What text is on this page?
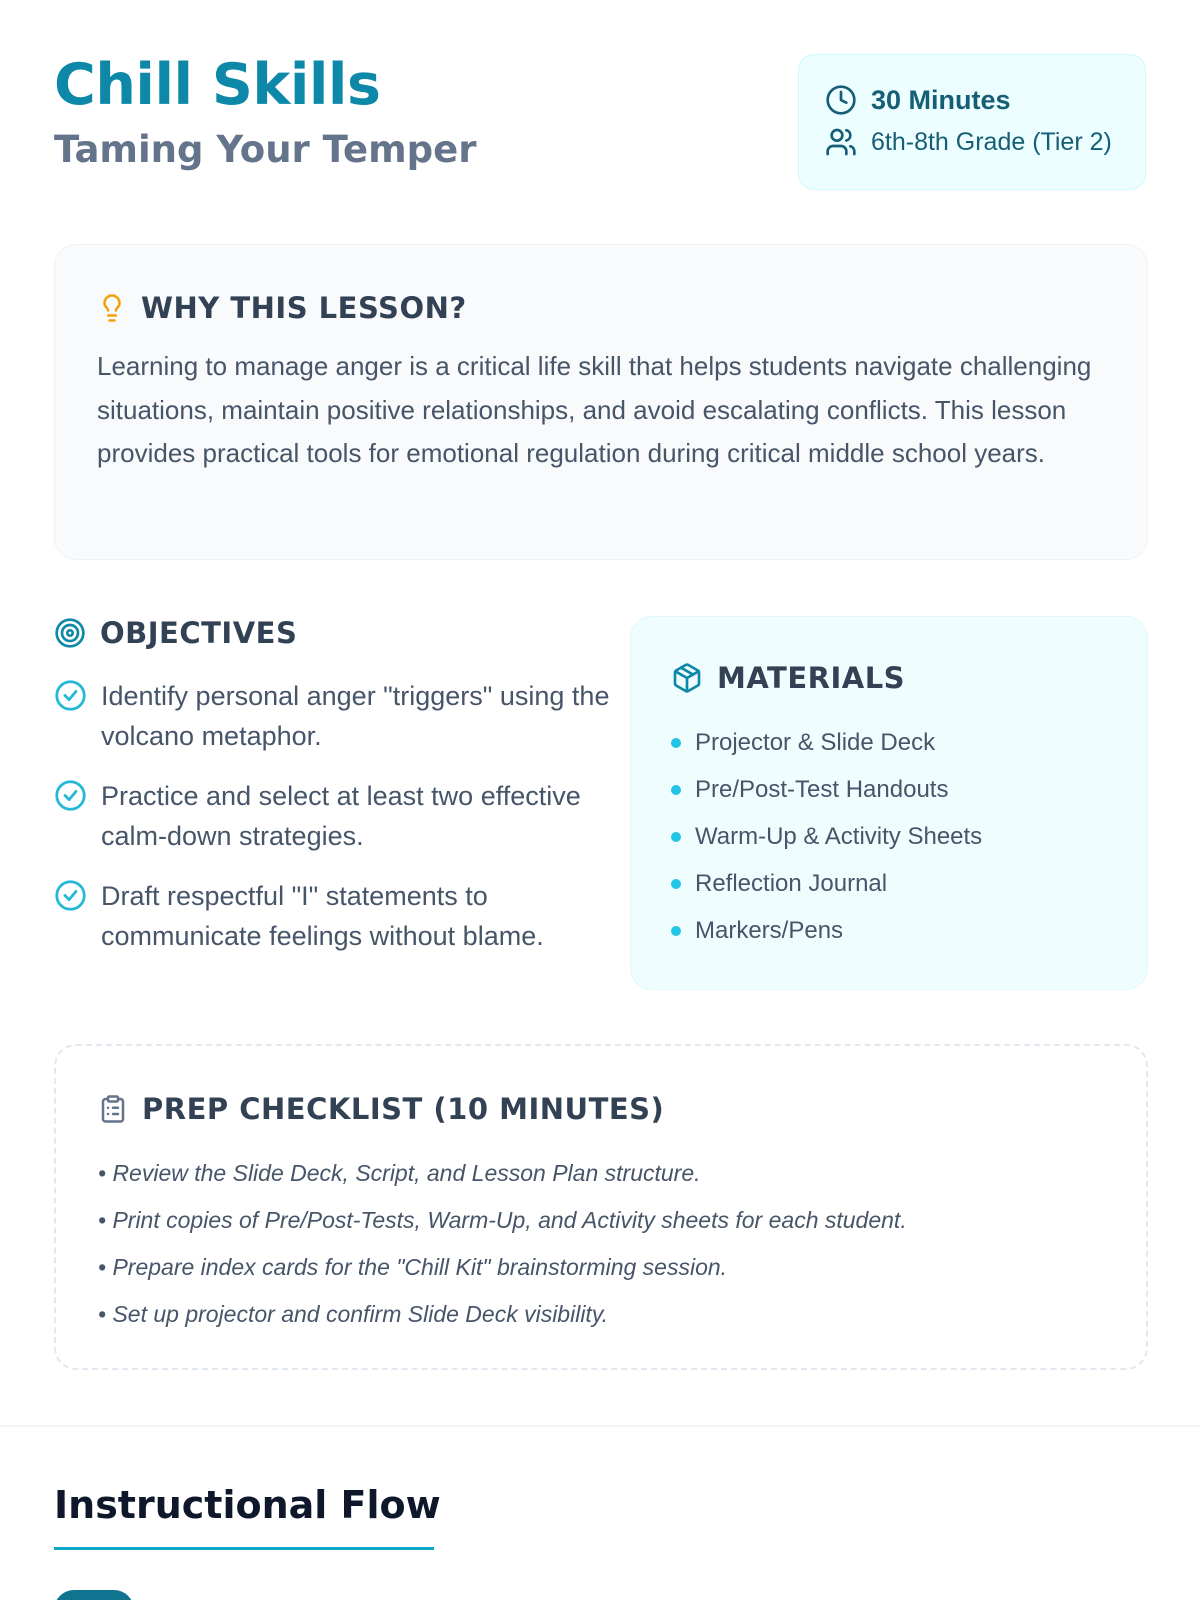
Chill Skills
Taming Your Temper
30 Minutes
6th-8th Grade (Tier 2)
WHY THIS LESSON?

Learning to manage anger is a critical life skill that helps students navigate challenging situations, maintain positive relationships, and avoid escalating conflicts. This lesson provides practical tools for emotional regulation during critical middle school years.

OBJECTIVES
Identify personal anger "triggers" using the volcano metaphor.
Practice and select at least two effective calm-down strategies.
Draft respectful "I" statements to communicate feelings without blame.
MATERIALS
Projector & Slide Deck
Pre/Post-Test Handouts
Warm-Up & Activity Sheets
Reflection Journal
Markers/Pens
PREP CHECKLIST (10 MINUTES)
• Review the Slide Deck, Script, and Lesson Plan structure.
• Print copies of Pre/Post-Tests, Warm-Up, and Activity sheets for each student.
• Prepare index cards for the "Chill Kit" brainstorming session.
• Set up projector and confirm Slide Deck visibility.
Instructional Flow
